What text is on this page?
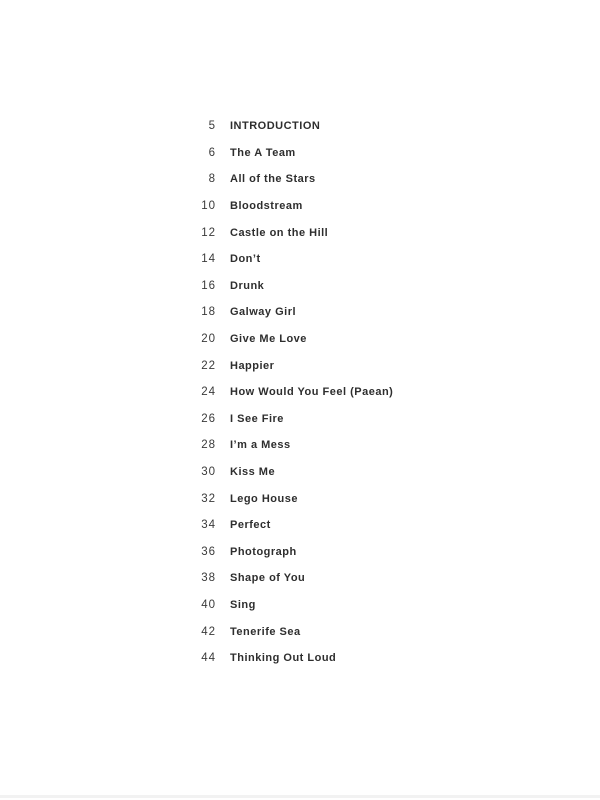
5 INTRODUCTION
6 The A Team
8 All of the Stars
10 Bloodstream
12 Castle on the Hill
14 Don’t
16 Drunk
18 Galway Girl
20 Give Me Love
22 Happier
24 How Would You Feel (Paean)
26 I See Fire
28 I’m a Mess
30 Kiss Me
32 Lego House
34 Perfect
36 Photograph
38 Shape of You
40 Sing
42 Tenerife Sea
44 Thinking Out Loud
